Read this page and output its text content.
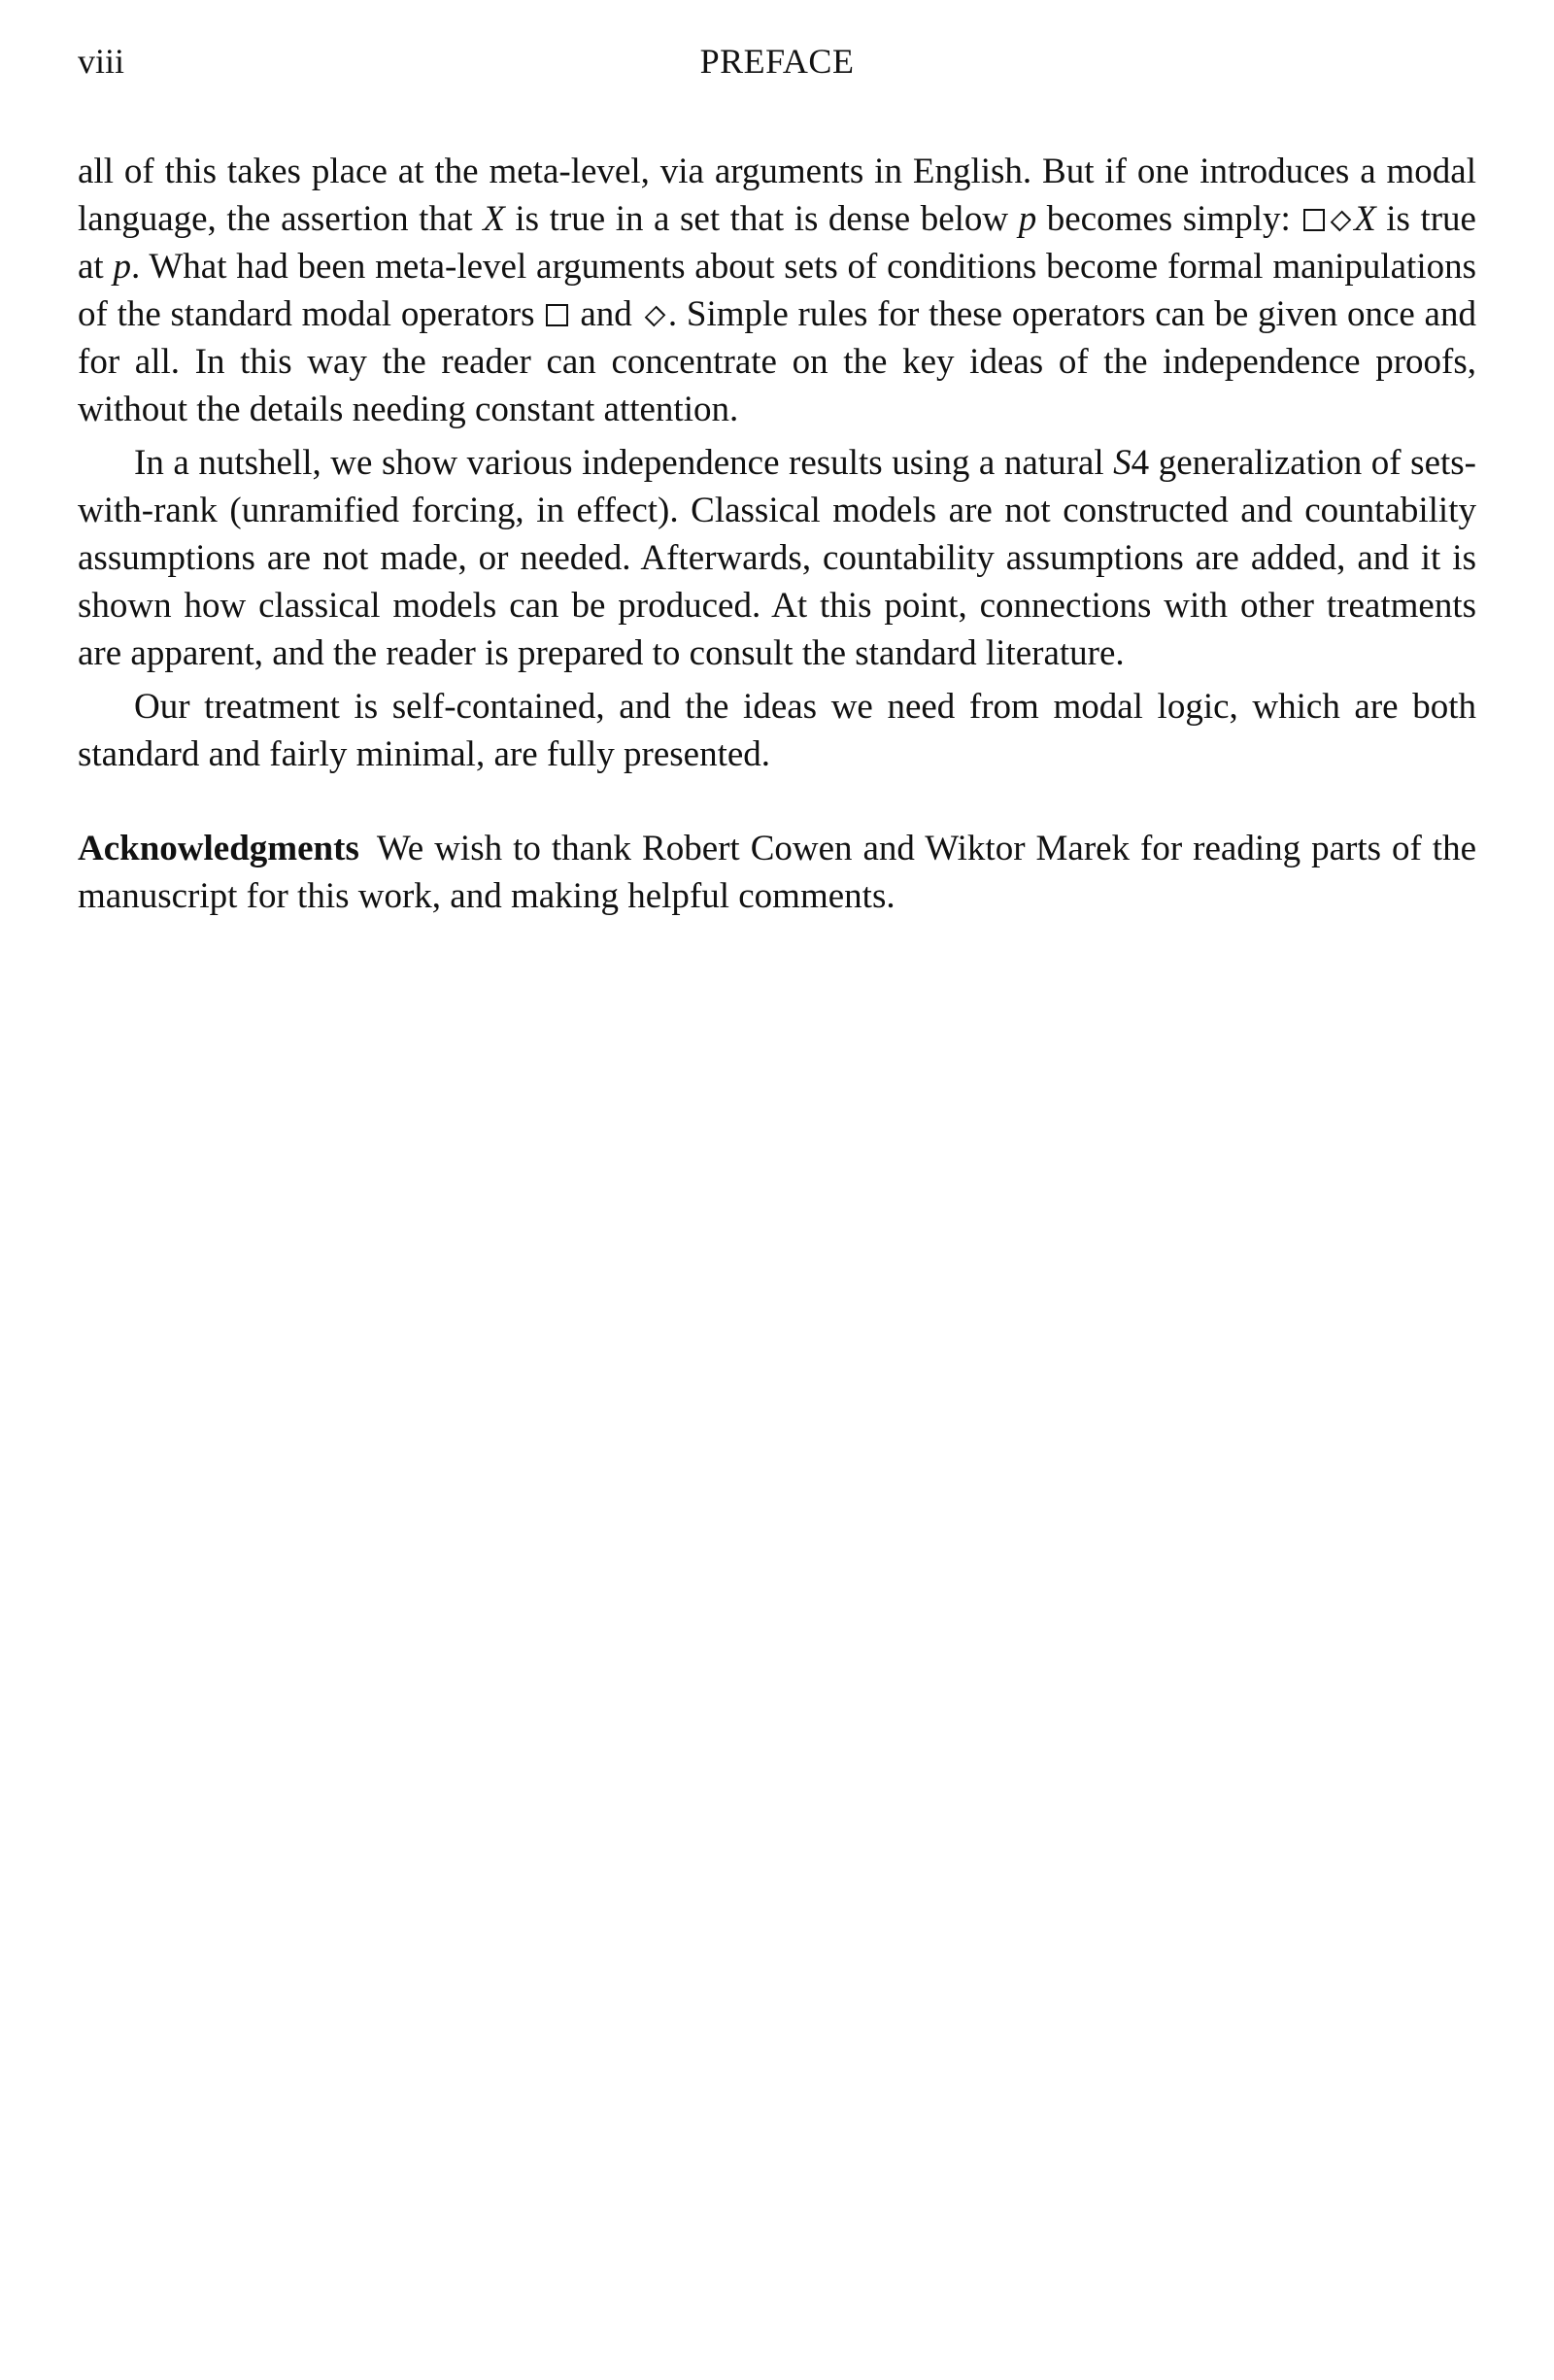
viii	PREFACE

all of this takes place at the meta-level, via arguments in English. But if one introduces a modal language, the assertion that X is true in a set that is dense below p becomes simply: X is true at p. What had been meta-level arguments about sets of conditions become formal manipulations of the standard modal operators  and . Simple rules for these operators can be given once and for all. In this way the reader can concentrate on the key ideas of the independence proofs, without the details needing constant attention.

In a nutshell, we show various independence results using a natural S4 generalization of sets-with-rank (unramified forcing, in effect). Classical models are not constructed and countability assumptions are not made, or needed. Afterwards, countability assumptions are added, and it is shown how classical models can be produced. At this point, connections with other treatments are apparent, and the reader is prepared to consult the standard literature.

Our treatment is self-contained, and the ideas we need from modal logic, which are both standard and fairly minimal, are fully presented.

Acknowledgments We wish to thank Robert Cowen and Wiktor Marek for reading parts of the manuscript for this work, and making helpful comments.
